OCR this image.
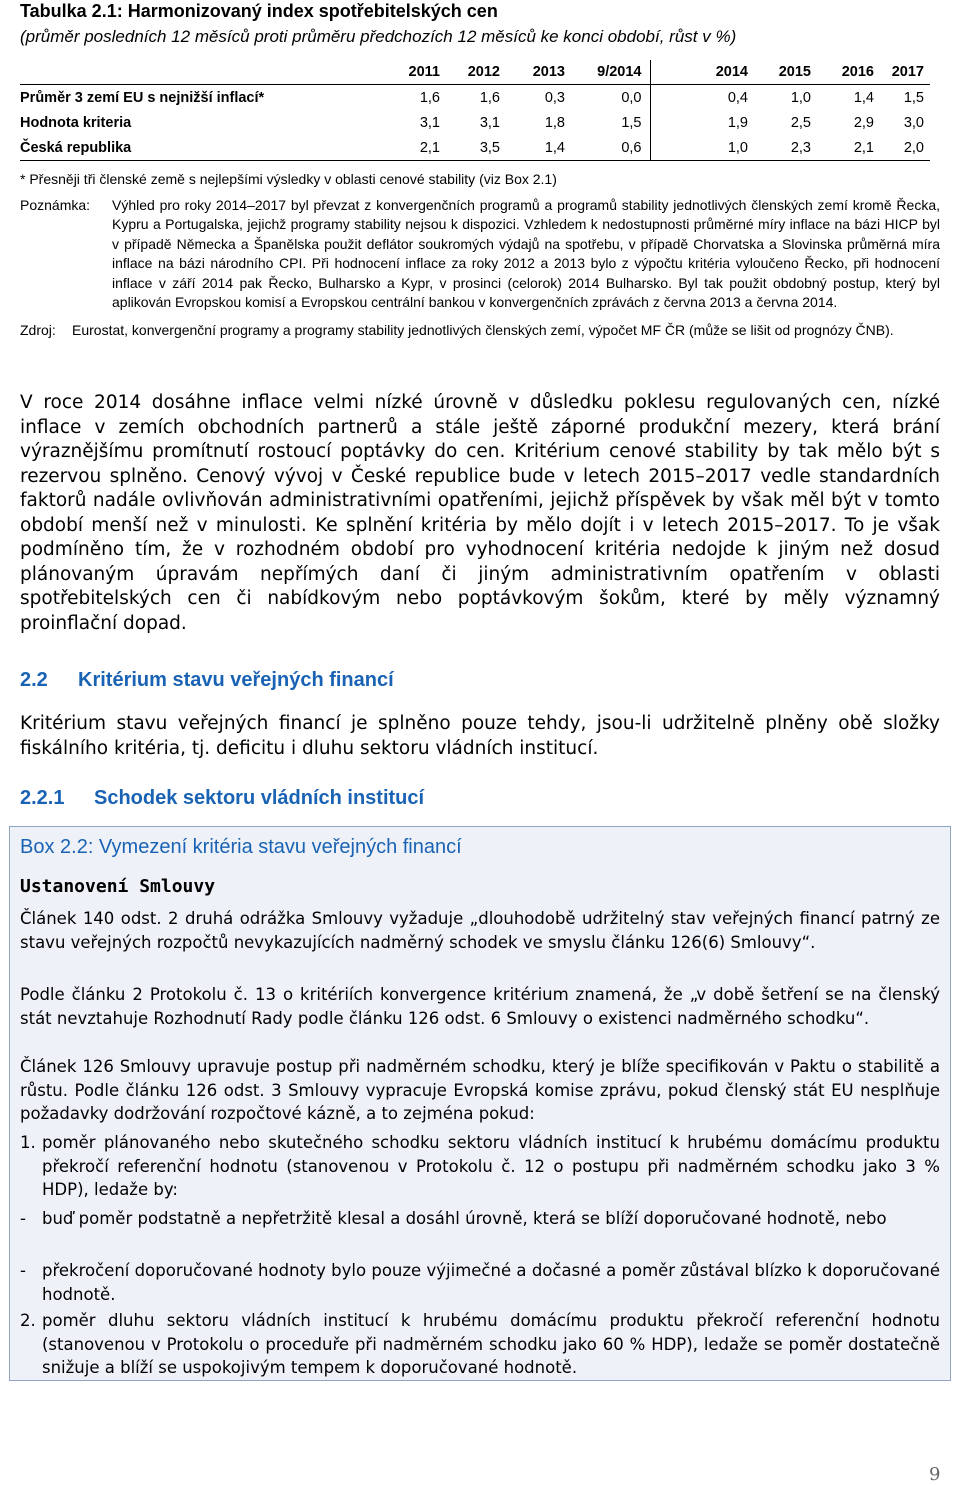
Tabulka 2.1: Harmonizovaný index spotřebitelských cen
(průměr posledních 12 měsíců proti průměru předchozích 12 měsíců ke konci období, růst v %)
	2011	2012	2013	9/2014	2014	2015	2016	2017
Průměr 3 zemí EU s nejnižší inflací*	1,6	1,6	0,3	0,0	0,4	1,0	1,4	1,5
Hodnota kriteria	3,1	3,1	1,8	1,5	1,9	2,5	2,9	3,0
Česká republika	2,1	3,5	1,4	0,6	1,0	2,3	2,1	2,0
* Přesněji tři členské země s nejlepšími výsledky v oblasti cenové stability (viz Box 2.1)
Poznámka:	Výhled pro roky 2014–2017 byl převzat z konvergenčních programů a programů stability jednotlivých členských zemí kromě Řecka, Kypru a Portugalska, jejichž programy stability nejsou k dispozici. Vzhledem k nedostupnosti průměrné míry inflace na bázi HICP byl v případě Německa a Španělska použit deflátor soukromých výdajů na spotřebu, v případě Chorvatska a Slovinska průměrná míra inflace na bázi národního CPI. Při hodnocení inflace za roky 2012 a 2013 bylo z výpočtu kritéria vyloučeno Řecko, při hodnocení inflace v září 2014 pak Řecko, Bulharsko a Kypr, v prosinci (celorok) 2014 Bulharsko. Byl tak použit obdobný postup, který byl aplikován Evropskou komisí a Evropskou centrální bankou v konvergenčních zprávách z června 2013 a června 2014.
Zdroj:	Eurostat, konvergenční programy a programy stability jednotlivých členských zemí, výpočet MF ČR (může se lišit od prognózy ČNB).
V roce 2014 dosáhne inflace velmi nízké úrovně v důsledku poklesu regulovaných cen, nízké inflace v zemích obchodních partnerů a stále ještě záporné produkční mezery, která brání výraznějšímu promítnutí rostoucí poptávky do cen. Kritérium cenové stability by tak mělo být s rezervou splněno. Cenový vývoj v České republice bude v letech 2015–2017 vedle standardních faktorů nadále ovlivňován administrativními opatřeními, jejichž příspěvek by však měl být v tomto období menší než v minulosti. Ke splnění kritéria by mělo dojít i v letech 2015–2017. To je však podmíněno tím, že v rozhodném období pro vyhodnocení kritéria nedojde k jiným než dosud plánovaným úpravám nepřímých daní či jiným administrativním opatřením v oblasti spotřebitelských cen či nabídkovým nebo poptávkovým šokům, které by měly významný proinflační dopad.
2.2 Kritérium stavu veřejných financí
Kritérium stavu veřejných financí je splněno pouze tehdy, jsou-li udržitelně plněny obě složky fiskálního kritéria, tj. deficitu i dluhu sektoru vládních institucí.
2.2.1 Schodek sektoru vládních institucí
Box 2.2: Vymezení kritéria stavu veřejných financí
Ustanovení Smlouvy
Článek 140 odst. 2 druhá odrážka Smlouvy vyžaduje „dlouhodobě udržitelný stav veřejných financí patrný ze stavu veřejných rozpočtů nevykazujících nadměrný schodek ve smyslu článku 126(6) Smlouvy“.
Podle článku 2 Protokolu č. 13 o kritériích konvergence kritérium znamená, že „v době šetření se na členský stát nevztahuje Rozhodnutí Rady podle článku 126 odst. 6 Smlouvy o existenci nadměrného schodku“.
Článek 126 Smlouvy upravuje postup při nadměrném schodku, který je blíže specifikován v Paktu o stabilitě a růstu. Podle článku 126 odst. 3 Smlouvy vypracuje Evropská komise zprávu, pokud členský stát EU nesplňuje požadavky dodržování rozpočtové kázně, a to zejména pokud:
1. poměr plánovaného nebo skutečného schodku sektoru vládních institucí k hrubému domácímu produktu překročí referenční hodnotu (stanovenou v Protokolu č. 12 o postupu při nadměrném schodku jako 3 % HDP), ledaže by:
- buď poměr podstatně a nepřetržitě klesal a dosáhl úrovně, která se blíží doporučované hodnotě, nebo
- překročení doporučované hodnoty bylo pouze výjimečné a dočasné a poměr zůstával blízko k doporučované hodnotě.
2. poměr dluhu sektoru vládních institucí k hrubému domácímu produktu překročí referenční hodnotu (stanovenou v Protokolu o proceduře při nadměrném schodku jako 60 % HDP), ledaže se poměr dostatečně snižuje a blíží se uspokojivým tempem k doporučované hodnotě.
9
